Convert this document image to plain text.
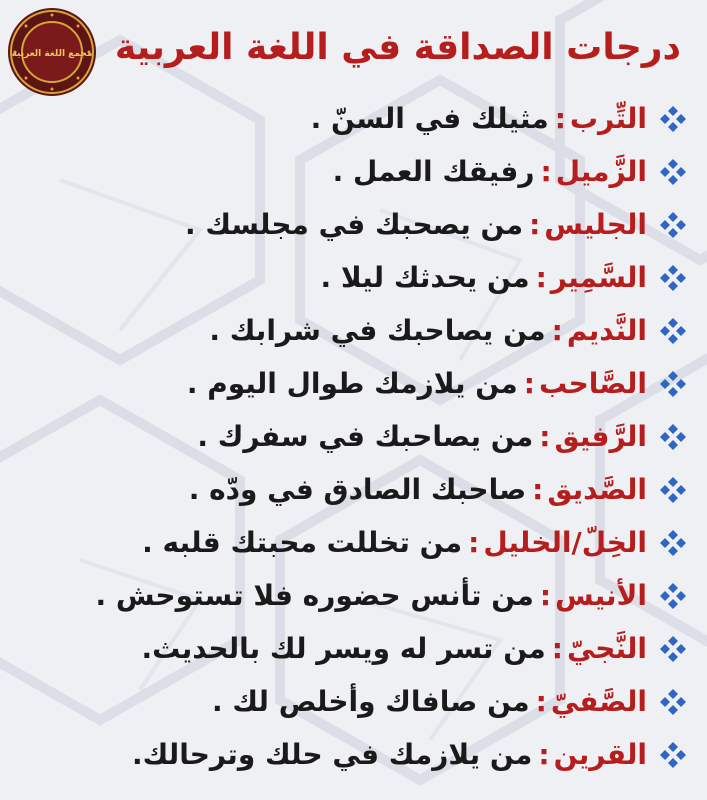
مجمع اللغة العربية درجات الصداقة في اللغة العربية
التِّرب
:
مثيلك في السنّ .
الزَّميل
:
رفيقك العمل .
الجليس
:
من يصحبك في مجلسك .
السَّمِير
:
من يحدثك ليلا .
النَّديم
:
من يصاحبك في شرابك .
الصَّاحب
:
من يلازمك طوال اليوم .
الرَّفيق
:
من يصاحبك في سفرك .
الصَّديق
:
صاحبك الصادق في ودّه .
الخِلّ/الخليل
:
من تخللت محبتك قلبه .
الأنيس
:
من تأنس حضوره فلا تستوحش .
النَّجيّ
:
من تسر له ويسر لك بالحديث.
الصَّفيّ
:
من صافاك وأخلص لك .
القرين
:
من يلازمك في حلك وترحالك.
